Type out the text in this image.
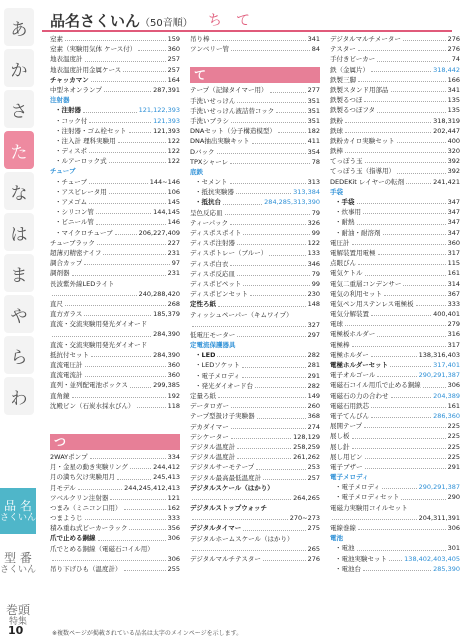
あ
か
さ
た
な
は
ま
や
ら
わ
品 名
さくいん
型 番
さくいん
巻頭
特集
品名さくいん（50音順） ち　て
窒素	159
窒素（実験用気体 ケース付）	360
地表温度計	257
地表温度計用金属ケース	257
チャッカマン	164
中型ネオンランプ	287,391
注射器
・注射器	121,122,393
・コック付	121,393
・注射器・ゴム栓セット	121,393
・注入計 理科実験用	122
・ディスポ	122
・ルアーロック式	122
チューブ
・チューブ	144~146
・アスピレータ用	106
・アメゴム	145
・シリコン管	144,145
・ビニール管	146
・マイクロチューブ	206,227,409
チューブラック	227
超薄刃精密ナイフ	231
調合カップ	97
調剤器	231
長波紫外線LEDライト
240,288,420
直尺	268
直方ガラス	185,379
直流・交流実験用発光ダイオード
284,390
直流・交流実験用発光ダイオード
抵抗付セット	284,390
直流電圧計	360
直流電流計	360
直列・並列配電池ボックス	299,385
直角鏡	192
沈殿ビン（石炭水採水びん）	118
つ
2WAYポンプ	334
月・金星の動き実験リング	244,412
月の満ち欠け実験用月	245,413
月モデル	244,245,412,413
ツベルクリン注射器	121
つまみ（ミニコン口用）	162
つまようじ	333
積み重ね式ビーカーラック	356
爪で止める銅線	306
爪でとめる銅線（電磁石コイル用）
306
吊り下げひも（温度計）	255
吊り棒	341
ツンベリー管	84
て
テープ（記録タイマー用）	277
手洗いせっけん	351
手洗いせっけん液詰替コック	351
手洗いブラシ	351
DNAセット（分子構造模型）	182
DNA抽出実験キット	411
Dバック	354
TPXシャーレ	78
底鉄
・セメント	313
・抵抗実験器	313,384
・抵抗台	284,285,313,390
呈色反応皿	79
ティーパック	326
ディスポスポイト	99
ディスポ注射器	122
ディスポトレー（ブルー）	133
ディスポ白衣	346
ディスポ反応皿	79
ディスポピペット	99
ディスポピンセット	230
定性ろ紙	148
ティッシュペーパー（キムワイプ）
327
低電圧モーター	297
定電流保護器具
・LED	282
・LEDソケット	281
・電子メロディ	291
・発光ダイオード台	282
定量ろ紙	149
データロガー	260
テープ型扱け子実験器	368
デカダイマー	274
デシケーター	128,129
デジタル温度計	258,259
デジタル温度計	261,262
デジタルサーモテープ	253
デジタル最高最低温度計	257
デジタルスケール（はかり）
264,265
デジタルストップウォッチ
270~273
デジタルタイマー	275
デジタルホームスケール（はかり）
265
デジタルマルチテスター	276
デジタルマルチメーター	276
テスター	276
手付きビーカー	74
鉄（金属片）	318,442
鉄製三脚	166
鉄製スタンド用部品	341
鉄製るつぼ	135
鉄製るつぼフタ	135
鉄粉	318,319
鉄球	202,447
鉄粉カイロ実験セット	400
鉄棒	320
てっぽう玉	392
てっぽう玉（指導用）	392
DEDEKit レイヤーの転剤	241,421
手袋
・手袋	347
・炊事用	347
・耐熱	347
・耐油・耐溶剤	347
電圧計	360
電解装置用電極	317
点眼びん	115
電気ケトル	161
電気二重層コンデンサー	314
電気の利用セット	367
電気ペン用ステンレス電極板	333
電気分解装置	400,401
電球	279
電極板ホルダー	316
電極棒	317
電極ホルダー	138,316,403
電極ホルダーセット	317,401
電子オルゴール	290,291,387
電磁石コイル用爪で止める銅線	306
電磁石の力の合わせ	204,389
電磁石用鉄芯	161
電子てんびん	286,360
展開テープ	225
展し板	225
展し針	225
展し用ピン	225
電子ブザー	291
電子メロディ
・電子メロディ	290,291,387
・電子メロディセット	290
電磁力実験用コイルセット
204,311,391
電線巻線	306
電池
・電池	301
・電池実験セット	138,402,403,405
・電池台	285,390
10	※複数ページが掲載されている品名は太字のメインページを示します。
